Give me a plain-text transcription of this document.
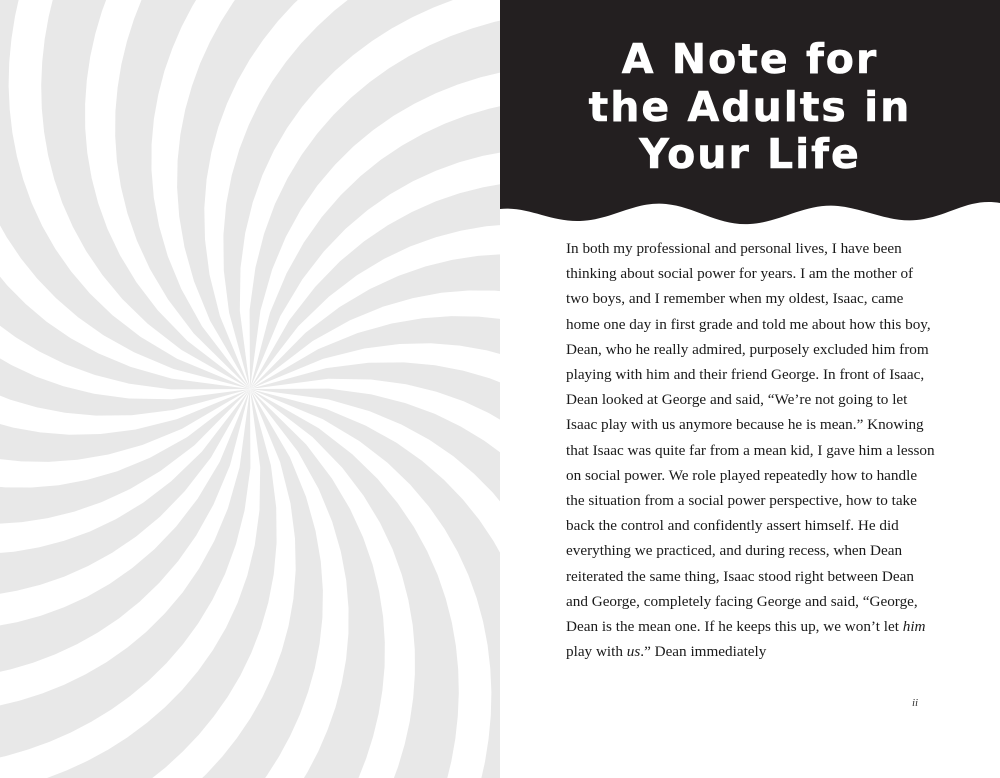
A Note for
the Adults in
Your Life

In both my professional and personal lives, I have been thinking about social power for years. I am the mother of two boys, and I remember when my oldest, Isaac, came home one day in first grade and told me about how this boy, Dean, who he really admired, purposely excluded him from playing with him and their friend George. In front of Isaac, Dean looked at George and said, “We’re not going to let Isaac play with us anymore because he is mean.” Knowing that Isaac was quite far from a mean kid, I gave him a lesson on social power. We role played repeatedly how to handle the situation from a social power perspective, how to take back the control and confidently assert himself. He did everything we practiced, and during recess, when Dean reiterated the same thing, Isaac stood right between Dean and George, completely facing George and said, “George, Dean is the mean one. If he keeps this up, we won’t let him play with us.” Dean immediately

ii
